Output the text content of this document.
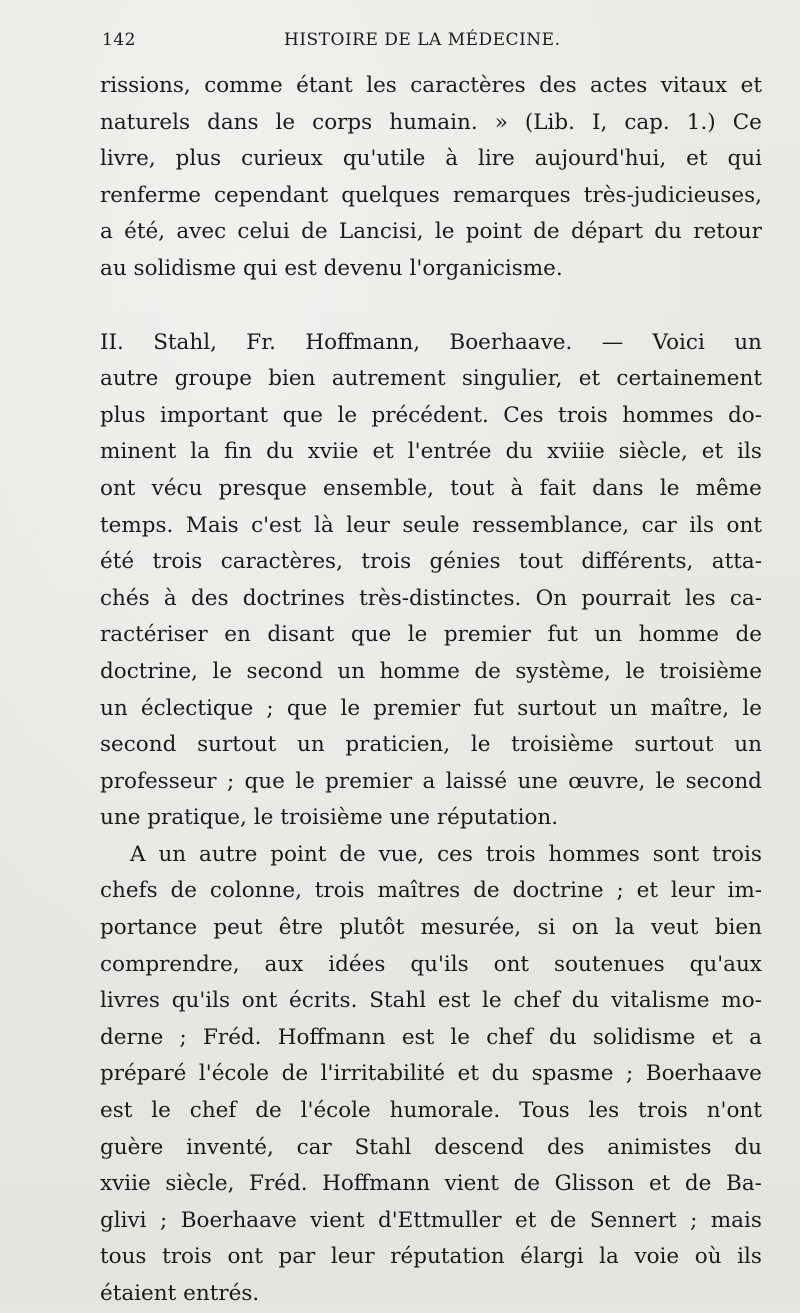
142	HISTOIRE DE LA MÉDECINE.
rissions, comme étant les caractères des actes vitaux et
naturels dans le corps humain. » (Lib. I, cap. 1.) Ce
livre, plus curieux qu'utile à lire aujourd'hui, et qui
renferme cependant quelques remarques très-judicieuses,
a été, avec celui de Lancisi, le point de départ du retour
au solidisme qui est devenu l'organicisme.
II. Stahl, Fr. Hoffmann, Boerhaave. — Voici un
autre groupe bien autrement singulier, et certainement
plus important que le précédent. Ces trois hommes do-
minent la fin du xviie et l'entrée du xviiie siècle, et ils
ont vécu presque ensemble, tout à fait dans le même
temps. Mais c'est là leur seule ressemblance, car ils ont
été trois caractères, trois génies tout différents, atta-
chés à des doctrines très-distinctes. On pourrait les ca-
ractériser en disant que le premier fut un homme de
doctrine, le second un homme de système, le troisième
un éclectique ; que le premier fut surtout un maître, le
second surtout un praticien, le troisième surtout un
professeur ; que le premier a laissé une œuvre, le second
une pratique, le troisième une réputation.
A un autre point de vue, ces trois hommes sont trois
chefs de colonne, trois maîtres de doctrine ; et leur im-
portance peut être plutôt mesurée, si on la veut bien
comprendre, aux idées qu'ils ont soutenues qu'aux
livres qu'ils ont écrits. Stahl est le chef du vitalisme mo-
derne ; Fréd. Hoffmann est le chef du solidisme et a
préparé l'école de l'irritabilité et du spasme ; Boerhaave
est le chef de l'école humorale. Tous les trois n'ont
guère inventé, car Stahl descend des animistes du
xviie siècle, Fréd. Hoffmann vient de Glisson et de Ba-
glivi ; Boerhaave vient d'Ettmuller et de Sennert ; mais
tous trois ont par leur réputation élargi la voie où ils
étaient entrés.
